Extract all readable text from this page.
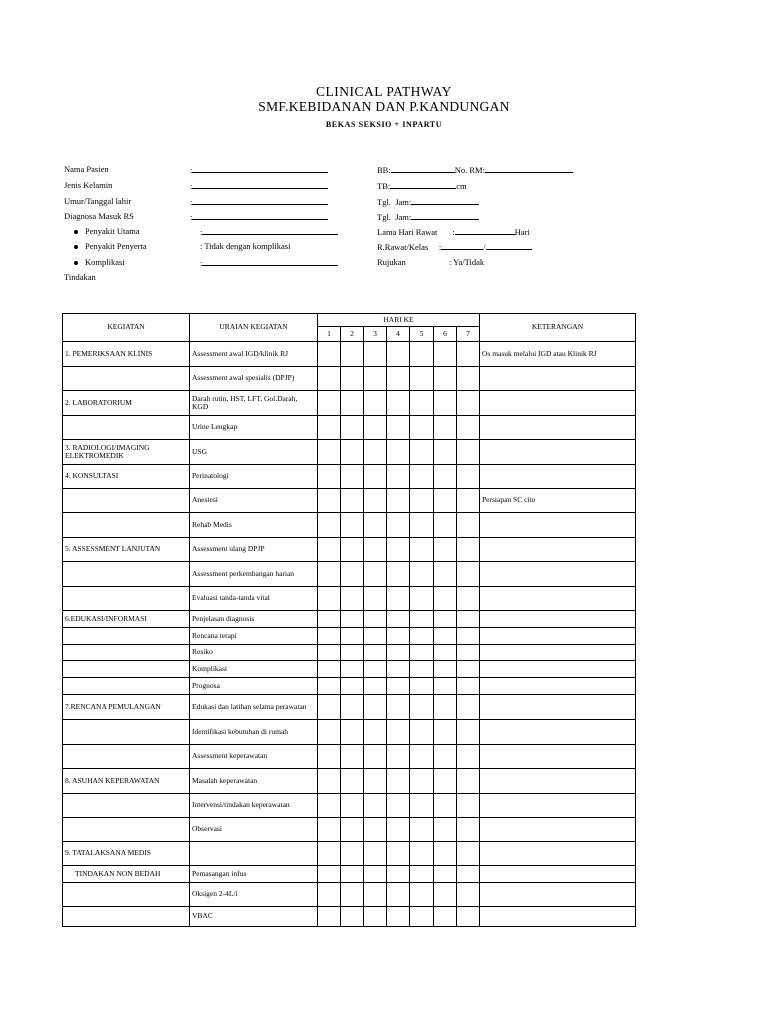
CLINICAL PATHWAY
SMF.KEBIDANAN DAN P.KANDUNGAN
BEKAS SEKSIO + INPARTU
Nama Pasien	:
Jenis Kelamin	:
Umur/Tanggal lahir	:
Diagnosa Masuk RS	:
Penyakit Utama	:
Penyakit Penyerta	: Tidak dengan komplikasi
Komplikasi	:
Tindakan
BB:	No. RM:
TB:	cm
Tgl. Jam:
Tgl. Jam:
Lama Hari Rawat       :	Hari
R.Rawat/Kelas     :	/
Rujukan	: Ya/Tidak
KEGIATAN	URAIAN KEGIATAN	HARI KE							KETERANGAN
		1	2	3	4	5	6	7	
1. PEMERIKSAAN KLINIS	Assessment awal IGD/klinik RJ								Os masuk melalui IGD atau Klinik RJ
	Assessment awal spesialis (DPJP)								
2. LABORATORIUM	Darah rutin, HST, LFT, Gol.Darah, KGD								
	Urine Lengkap								
3. RADIOLOGI/IMAGING ELEKTROMEDIK	USG								
4. KONSULTASI	Perinatologi								
	Anestesi								Persiapan SC cito
	Rehab Medis								
5. ASSESSMENT LANJUTAN	Assessment ulang DPJP								
	Assessment perkembangan harian								
	Evaluasi tanda-tanda vital								
6.EDUKASI/INFORMASI	Penjelasan diagnosis								
	Rencana terapi								
	Resiko								
	Komplikasi								
	Prognosa								
7.RENCANA PEMULANGAN	Edukasi dan latihan selama perawatan								
	Identifikasi kebutuhan di rumah								
	Assessment keperawatan								
8. ASUHAN KEPERAWATAN	Masalah keperawatan								
	Intervensi/tindakan keperawatan								
	Observasi								
9. TATALAKSANA MEDIS									
TINDAKAN NON BEDAH	Pemasangan infus								
	Oksigen 2-4L/i								
	VBAC								
